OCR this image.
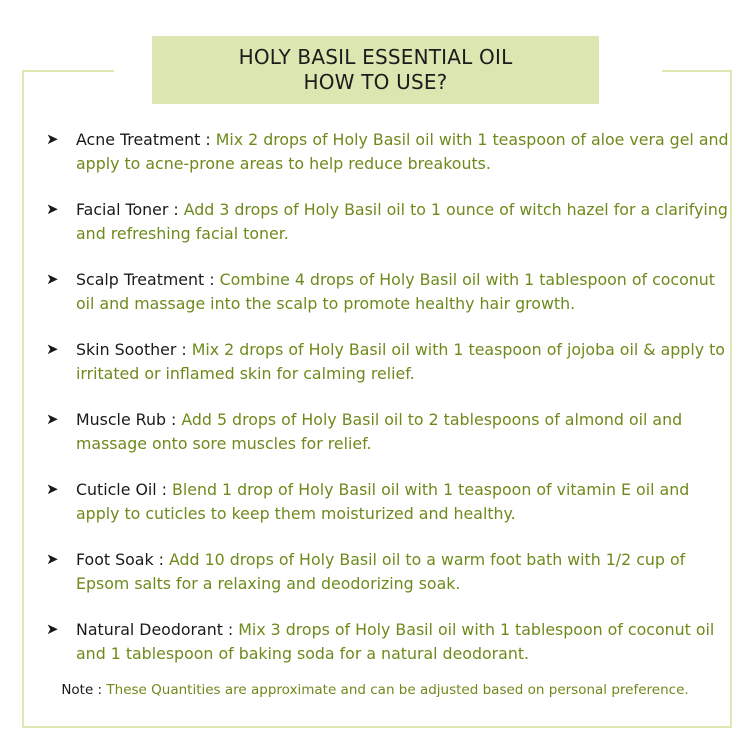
HOLY BASIL ESSENTIAL OIL
HOW TO USE?
➤ Acne Treatment : Mix 2 drops of Holy Basil oil with 1 teaspoon of aloe vera gel and apply to acne-prone areas to help reduce breakouts.
➤ Facial Toner : Add 3 drops of Holy Basil oil to 1 ounce of witch hazel for a clarifying and refreshing facial toner.
➤ Scalp Treatment : Combine 4 drops of Holy Basil oil with 1 tablespoon of coconut oil and massage into the scalp to promote healthy hair growth.
➤ Skin Soother : Mix 2 drops of Holy Basil oil with 1 teaspoon of jojoba oil & apply to irritated or inflamed skin for calming relief.
➤ Muscle Rub : Add 5 drops of Holy Basil oil to 2 tablespoons of almond oil and massage onto sore muscles for relief.
➤ Cuticle Oil : Blend 1 drop of Holy Basil oil with 1 teaspoon of vitamin E oil and apply to cuticles to keep them moisturized and healthy.
➤ Foot Soak : Add 10 drops of Holy Basil oil to a warm foot bath with 1/2 cup of Epsom salts for a relaxing and deodorizing soak.
➤ Natural Deodorant : Mix 3 drops of Holy Basil oil with 1 tablespoon of coconut oil and 1 tablespoon of baking soda for a natural deodorant.
Note : These Quantities are approximate and can be adjusted based on personal preference.
